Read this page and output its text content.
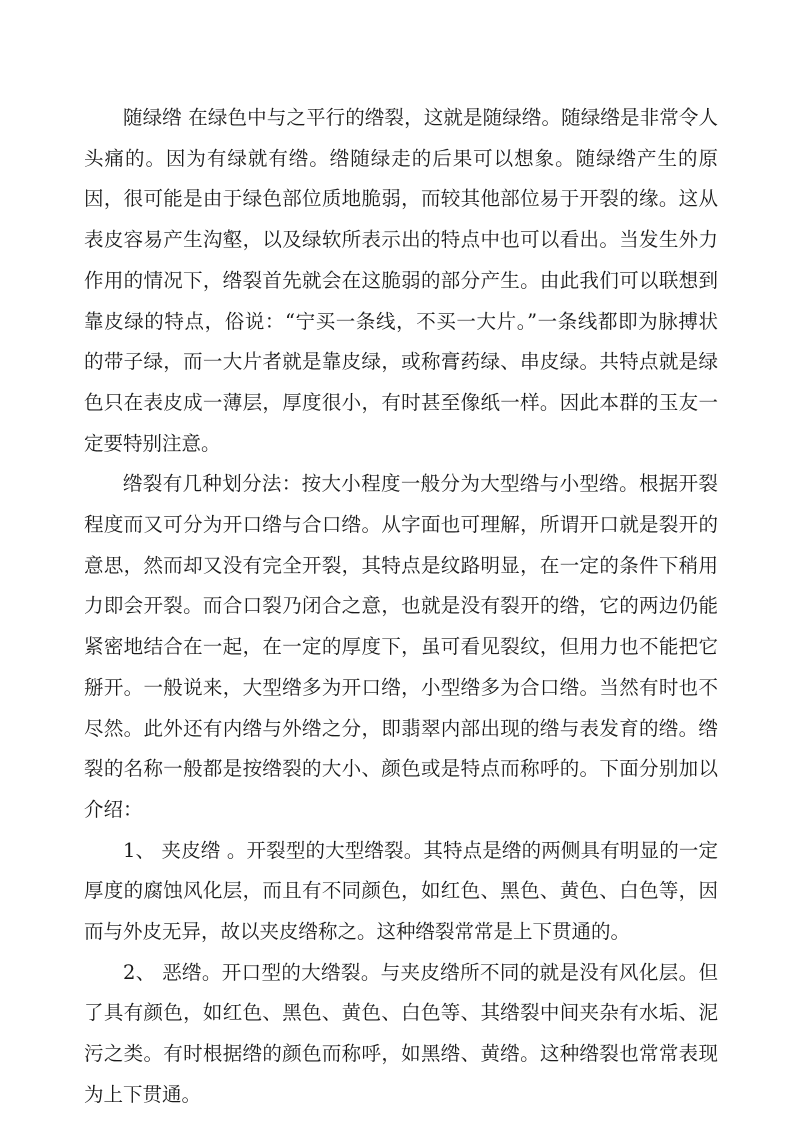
随绿绺 在绿色中与之平行的绺裂，这就是随绿绺。随绿绺是非常令人头痛的。因为有绿就有绺。绺随绿走的后果可以想象。随绿绺产生的原因，很可能是由于绿色部位质地脆弱，而较其他部位易于开裂的缘。这从表皮容易产生沟壑，以及绿软所表示出的特点中也可以看出。当发生外力作用的情况下，绺裂首先就会在这脆弱的部分产生。由此我们可以联想到靠皮绿的特点，俗说：“宁买一条线，不买一大片。”一条线都即为脉搏状的带子绿，而一大片者就是靠皮绿，或称膏药绿、串皮绿。共特点就是绿色只在表皮成一薄层，厚度很小，有时甚至像纸一样。因此本群的玉友一定要特别注意。

绺裂有几种划分法：按大小程度一般分为大型绺与小型绺。根据开裂程度而又可分为开口绺与合口绺。从字面也可理解，所谓开口就是裂开的意思，然而却又没有完全开裂，其特点是纹路明显，在一定的条件下稍用力即会开裂。而合口裂乃闭合之意，也就是没有裂开的绺，它的两边仍能紧密地结合在一起，在一定的厚度下，虽可看见裂纹，但用力也不能把它掰开。一般说来，大型绺多为开口绺，小型绺多为合口绺。当然有时也不尽然。此外还有内绺与外绺之分，即翡翠内部出现的绺与表发育的绺。绺裂的名称一般都是按绺裂的大小、颜色或是特点而称呼的。下面分别加以介绍：

1、 夹皮绺 。开裂型的大型绺裂。其特点是绺的两侧具有明显的一定厚度的腐蚀风化层，而且有不同颜色，如红色、黑色、黄色、白色等，因而与外皮无异，故以夹皮绺称之。这种绺裂常常是上下贯通的。

2、 恶绺。开口型的大绺裂。与夹皮绺所不同的就是没有风化层。但了具有颜色，如红色、黑色、黄色、白色等、其绺裂中间夹杂有水垢、泥污之类。有时根据绺的颜色而称呼，如黑绺、黄绺。这种绺裂也常常表现为上下贯通。
